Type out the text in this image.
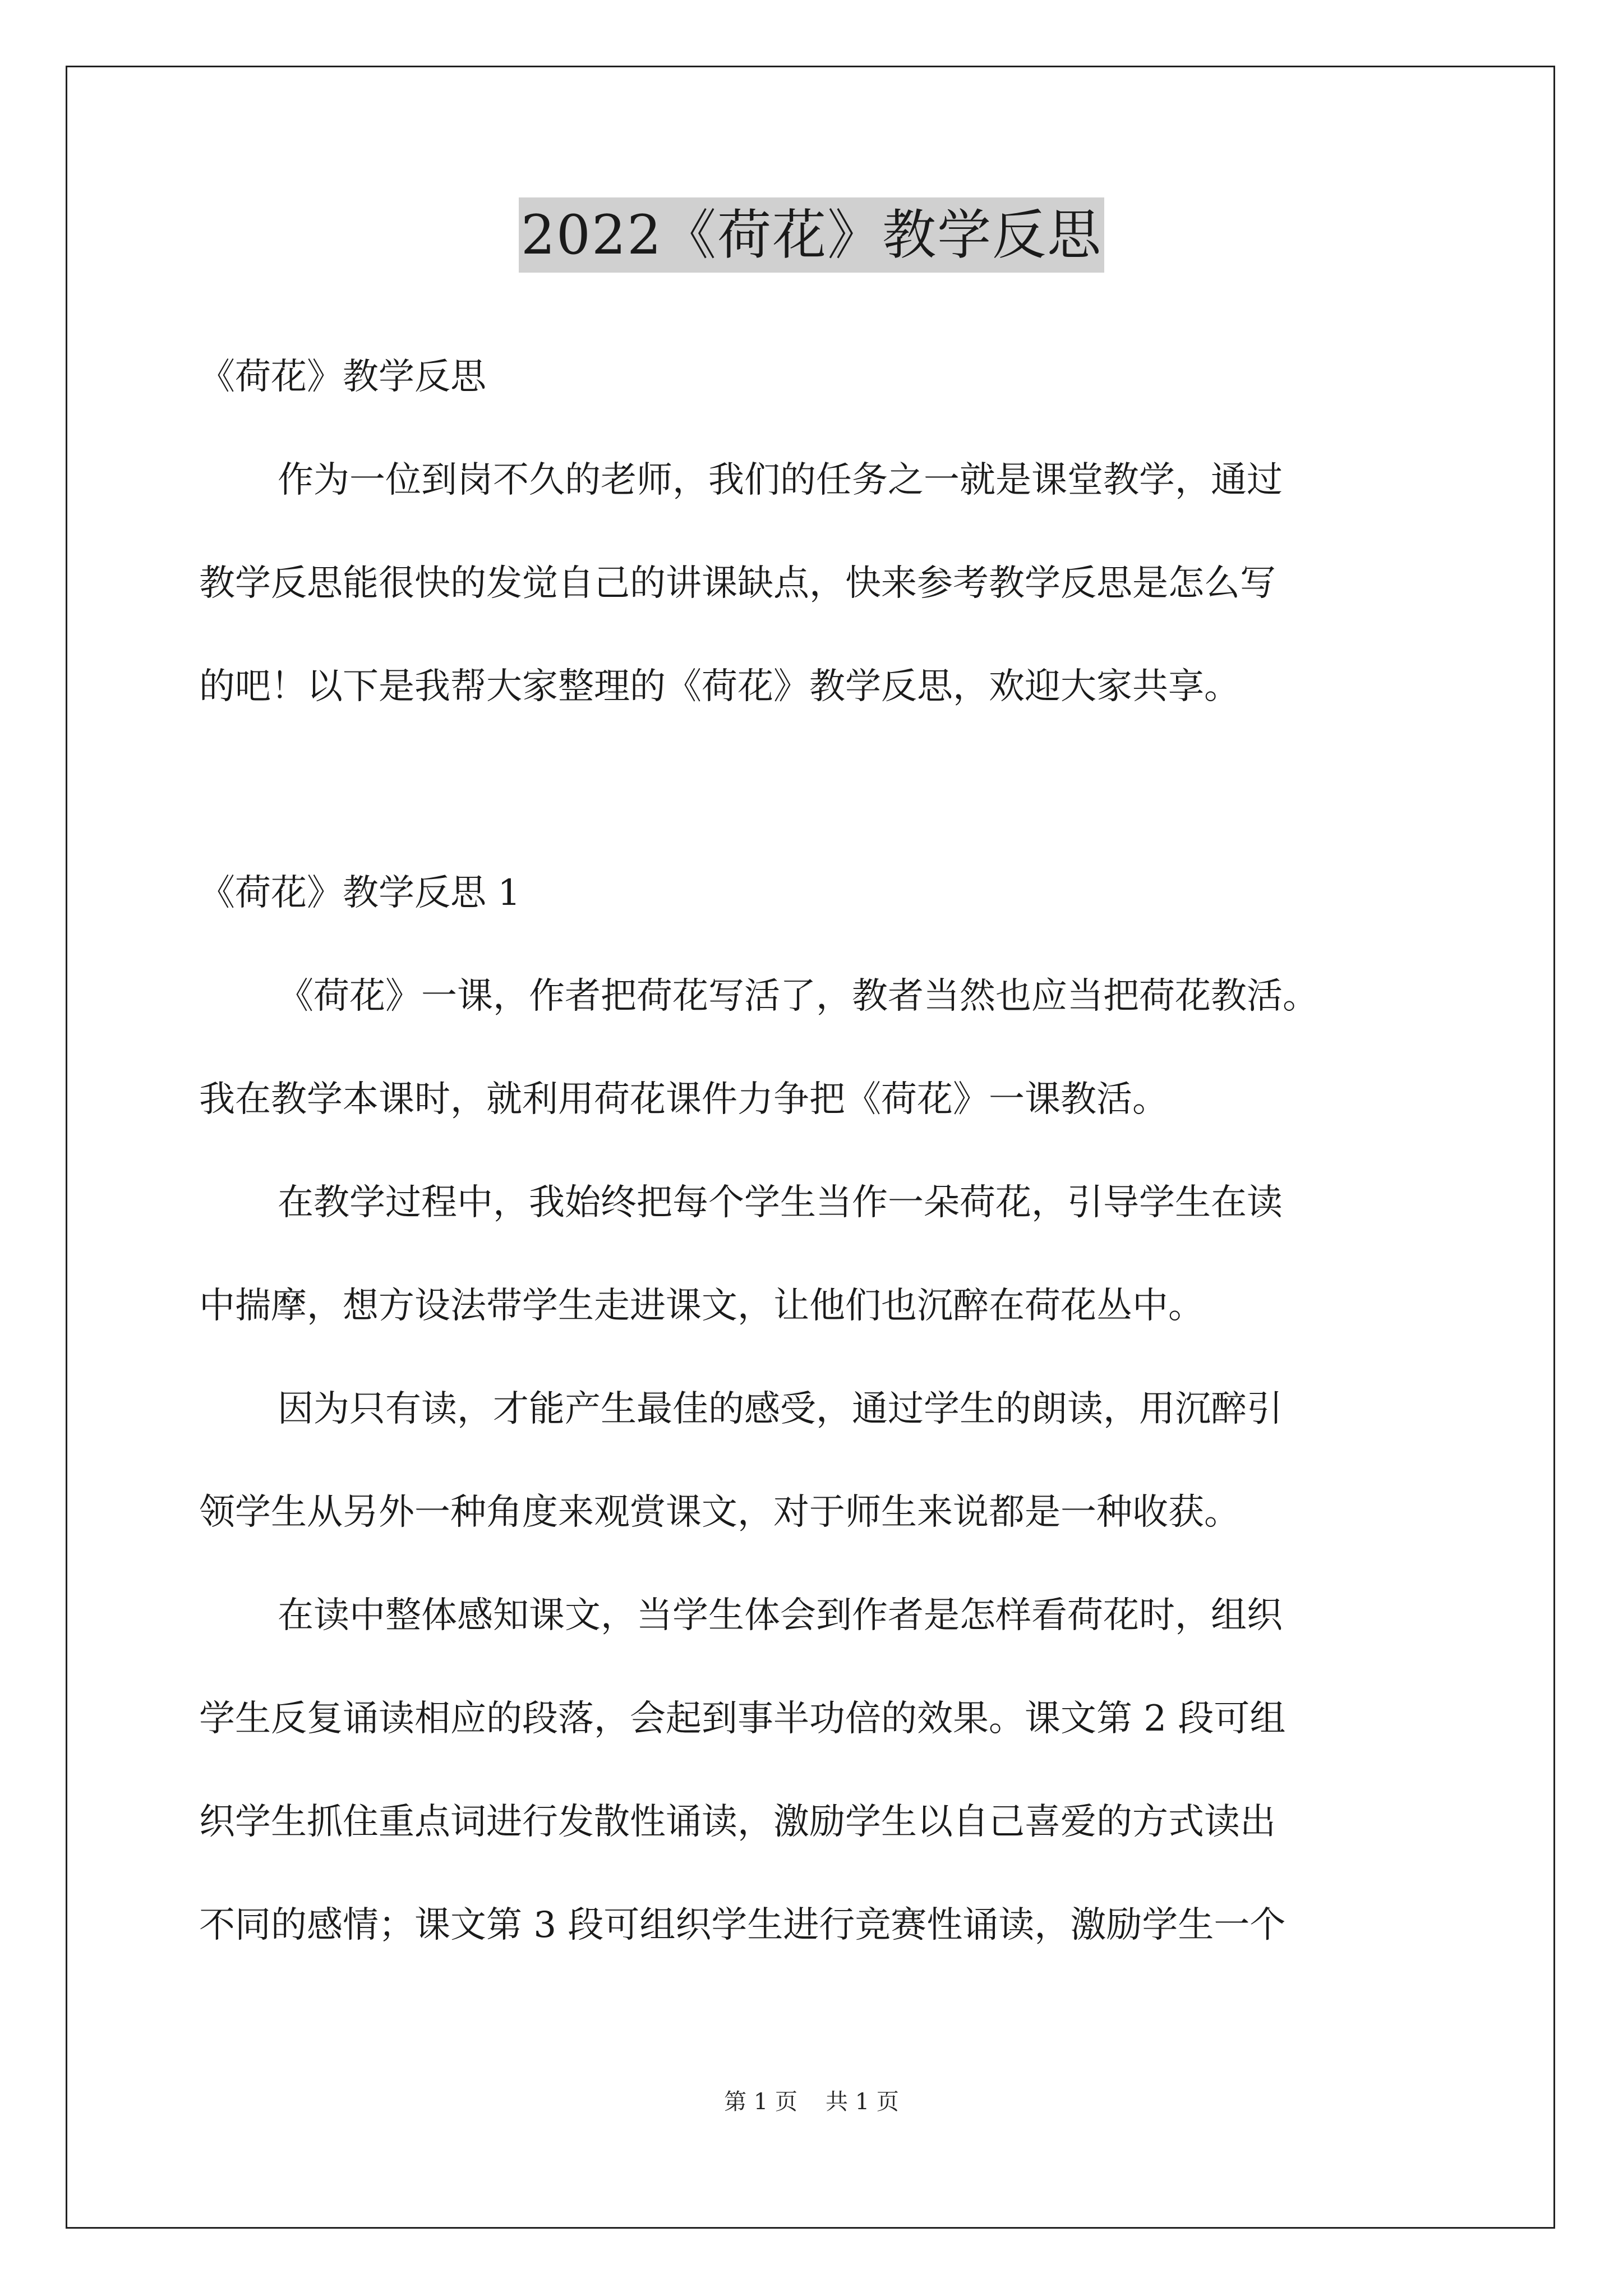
2022《荷花》教学反思
《荷花》教学反思
作为一位到岗不久的老师，我们的任务之一就是课堂教学，通过
教学反思能很快的发觉自己的讲课缺点，快来参考教学反思是怎么写
的吧！以下是我帮大家整理的《荷花》教学反思，欢迎大家共享。
《荷花》教学反思 1
《荷花》一课，作者把荷花写活了，教者当然也应当把荷花教活。
我在教学本课时，就利用荷花课件力争把《荷花》一课教活。
在教学过程中，我始终把每个学生当作一朵荷花，引导学生在读
中揣摩，想方设法带学生走进课文，让他们也沉醉在荷花丛中。
因为只有读，才能产生最佳的感受，通过学生的朗读，用沉醉引
领学生从另外一种角度来观赏课文，对于师生来说都是一种收获。
在读中整体感知课文，当学生体会到作者是怎样看荷花时，组织
学生反复诵读相应的段落，会起到事半功倍的效果。课文第 2 段可组
织学生抓住重点词进行发散性诵读，激励学生以自己喜爱的方式读出
不同的感情；课文第 3 段可组织学生进行竞赛性诵读，激励学生一个
第 1 页 共 1 页
